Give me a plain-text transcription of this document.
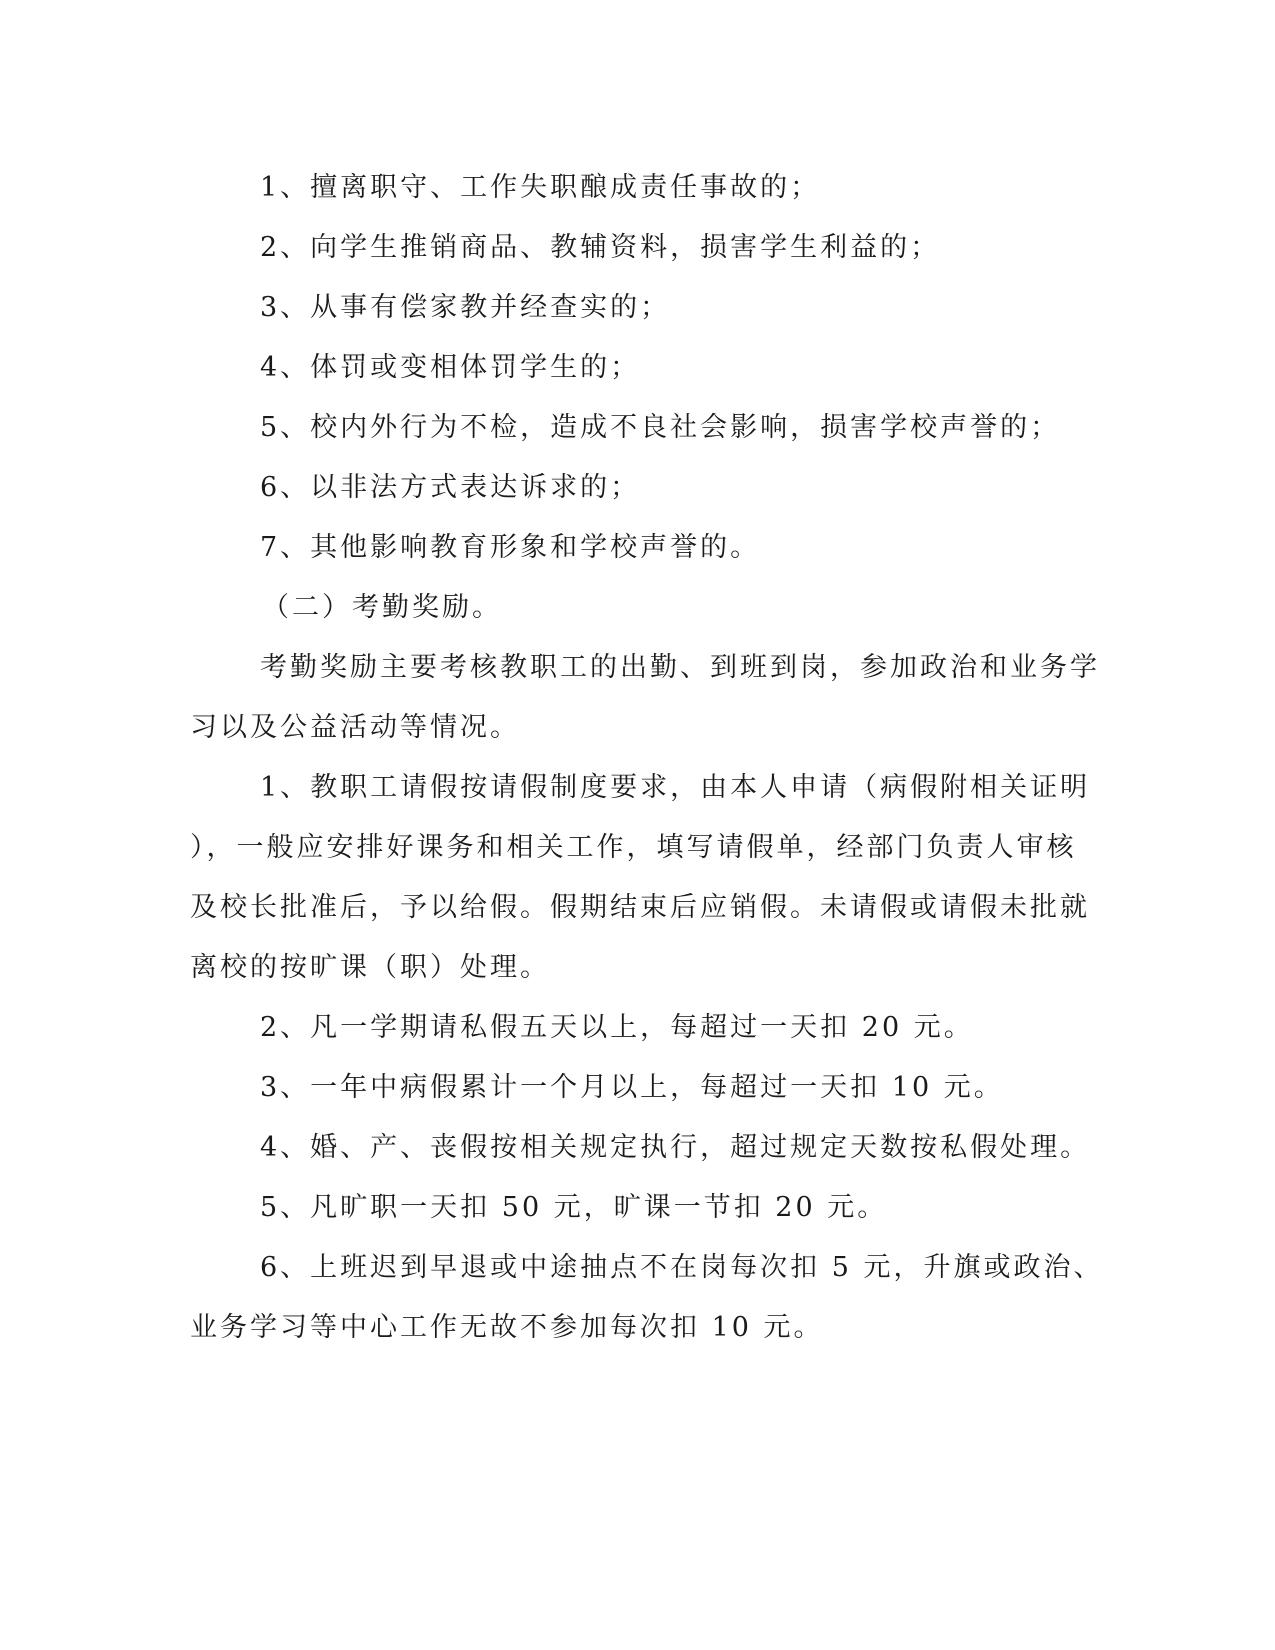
1、擅离职守、工作失职酿成责任事故的；
2、向学生推销商品、教辅资料，损害学生利益的；
3、从事有偿家教并经查实的；
4、体罚或变相体罚学生的；
5、校内外行为不检，造成不良社会影响，损害学校声誉的；
6、以非法方式表达诉求的；
7、其他影响教育形象和学校声誉的。
（二）考勤奖励。
考勤奖励主要考核教职工的出勤、到班到岗，参加政治和业务学
习以及公益活动等情况。
1、教职工请假按请假制度要求，由本人申请（病假附相关证明
），一般应安排好课务和相关工作，填写请假单，经部门负责人审核
及校长批准后，予以给假。假期结束后应销假。未请假或请假未批就
离校的按旷课（职）处理。
2、凡一学期请私假五天以上，每超过一天扣 20 元。
3、一年中病假累计一个月以上，每超过一天扣 10 元。
4、婚、产、丧假按相关规定执行，超过规定天数按私假处理。
5、凡旷职一天扣 50 元，旷课一节扣 20 元。
6、上班迟到早退或中途抽点不在岗每次扣 5 元，升旗或政治、
业务学习等中心工作无故不参加每次扣 10 元。
